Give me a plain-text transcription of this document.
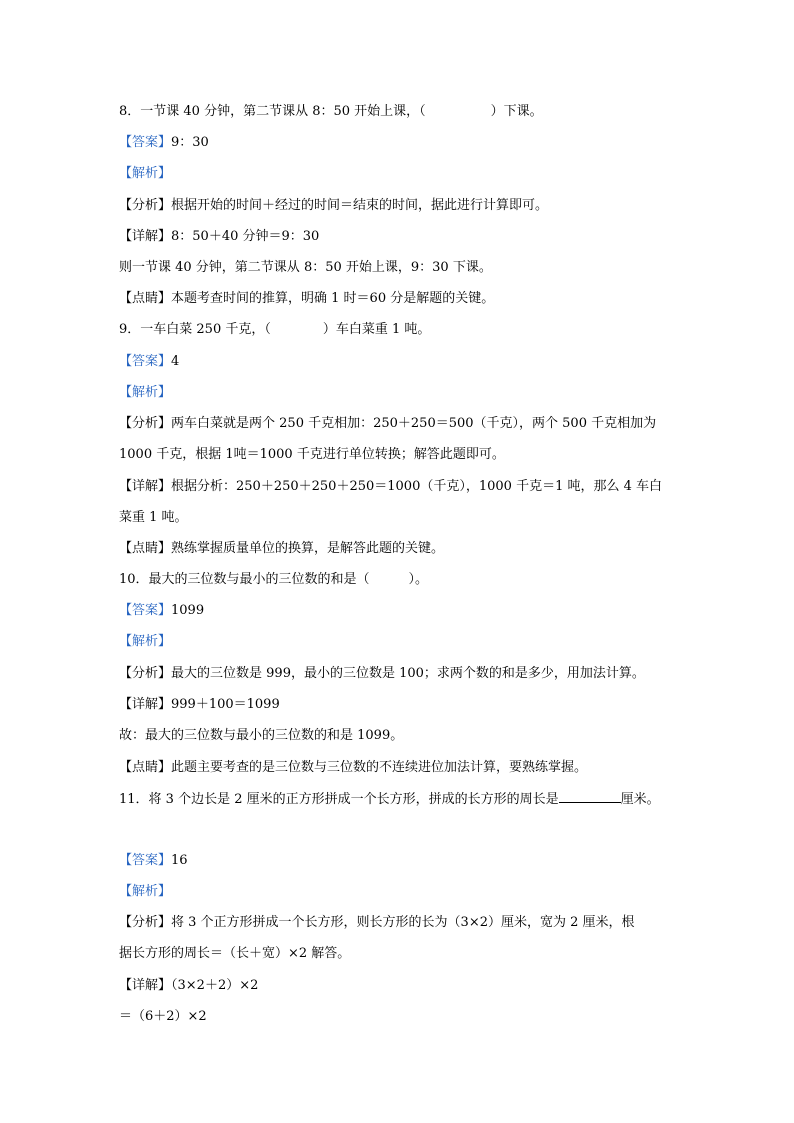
8．一节课 40 分钟，第二节课从 8：50 开始上课，（　　　　　）下课。
【答案】9：30
【解析】
【分析】根据开始的时间＋经过的时间＝结束的时间，据此进行计算即可。
【详解】8：50＋40 分钟＝9：30
则一节课 40 分钟，第二节课从 8：50 开始上课，9：30 下课。
【点睛】本题考查时间的推算，明确 1 时＝60 分是解题的关键。
9．一车白菜 250 千克，（　　　　）车白菜重 1 吨。
【答案】4
【解析】
【分析】两车白菜就是两个 250 千克相加：250＋250＝500（千克），两个 500 千克相加为
1000 千克，根据 1吨＝1000 千克进行单位转换；解答此题即可。
【详解】根据分析：250＋250＋250＋250＝1000（千克），1000 千克＝1 吨，那么 4 车白
菜重 1 吨。
【点睛】熟练掌握质量单位的换算，是解答此题的关键。
10．最大的三位数与最小的三位数的和是（　　　）。
【答案】1099
【解析】
【分析】最大的三位数是 999，最小的三位数是 100；求两个数的和是多少，用加法计算。
【详解】999＋100＝1099
故：最大的三位数与最小的三位数的和是 1099。
【点睛】此题主要考查的是三位数与三位数的不连续进位加法计算，要熟练掌握。
11．将 3 个边长是 2 厘米的正方形拼成一个长方形，拼成的长方形的周长是	厘米。
【答案】16
【解析】
【分析】将 3 个正方形拼成一个长方形，则长方形的长为（3×2）厘米，宽为 2 厘米，根
据长方形的周长＝（长＋宽）×2 解答。
【详解】（3×2＋2）×2
＝（6＋2）×2
